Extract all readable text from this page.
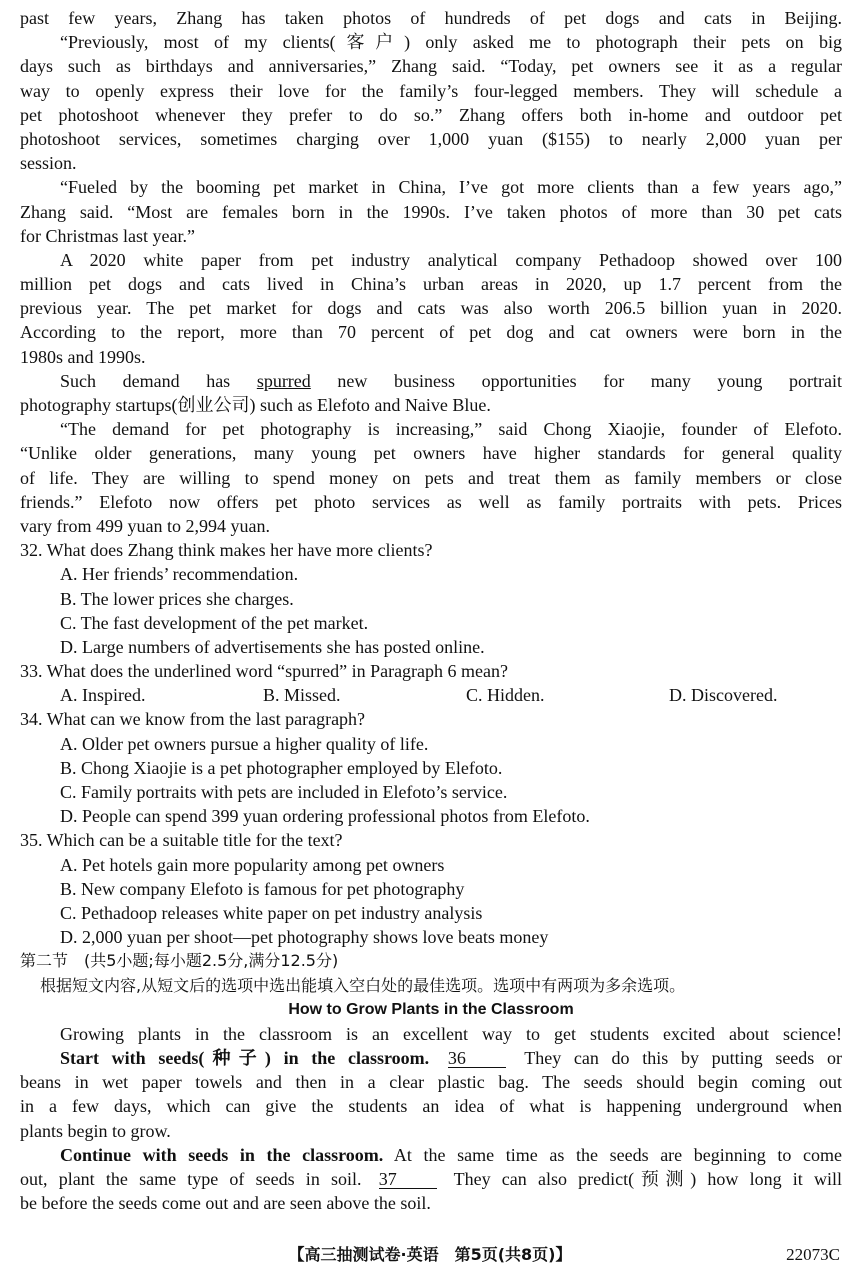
past few years, Zhang has taken photos of hundreds of pet dogs and cats in Beijing.
“Previously, most of my clients(客户) only asked me to photograph their pets on big
days such as birthdays and anniversaries,” Zhang said. “Today, pet owners see it as a regular
way to openly express their love for the family’s four-legged members. They will schedule a
pet photoshoot whenever they prefer to do so.” Zhang offers both in-home and outdoor pet
photoshoot services, sometimes charging over 1,000 yuan ($155) to nearly 2,000 yuan per
session.
“Fueled by the booming pet market in China, I’ve got more clients than a few years ago,”
Zhang said. “Most are females born in the 1990s. I’ve taken photos of more than 30 pet cats
for Christmas last year.”
A 2020 white paper from pet industry analytical company Pethadoop showed over 100
million pet dogs and cats lived in China’s urban areas in 2020, up 1.7 percent from the
previous year. The pet market for dogs and cats was also worth 206.5 billion yuan in 2020.
According to the report, more than 70 percent of pet dog and cat owners were born in the
1980s and 1990s.
Such demand has spurred new business opportunities for many young portrait
photography startups(创业公司) such as Elefoto and Naive Blue.
“The demand for pet photography is increasing,” said Chong Xiaojie, founder of Elefoto.
“Unlike older generations, many young pet owners have higher standards for general quality
of life. They are willing to spend money on pets and treat them as family members or close
friends.” Elefoto now offers pet photo services as well as family portraits with pets. Prices
vary from 499 yuan to 2,994 yuan.
32. What does Zhang think makes her have more clients?
A. Her friends’ recommendation.
B. The lower prices she charges.
C. The fast development of the pet market.
D. Large numbers of advertisements she has posted online.
33. What does the underlined word “spurred” in Paragraph 6 mean?
A. Inspired.	B. Missed.	C. Hidden.	D. Discovered.
34. What can we know from the last paragraph?
A. Older pet owners pursue a higher quality of life.
B. Chong Xiaojie is a pet photographer employed by Elefoto.
C. Family portraits with pets are included in Elefoto’s service.
D. People can spend 399 yuan ordering professional photos from Elefoto.
35. Which can be a suitable title for the text?
A. Pet hotels gain more popularity among pet owners
B. New company Elefoto is famous for pet photography
C. Pethadoop releases white paper on pet industry analysis
D. 2,000 yuan per shoot—pet photography shows love beats money
第二节　(共5小题;每小题2.5分,满分12.5分)
根据短文内容,从短文后的选项中选出能填入空白处的最佳选项。选项中有两项为多余选项。
How to Grow Plants in the Classroom
Growing plants in the classroom is an excellent way to get students excited about science!
Start with seeds(种子) in the classroom. 36	They can do this by putting seeds or
beans in wet paper towels and then in a clear plastic bag. The seeds should begin coming out
in a few days, which can give the students an idea of what is happening underground when
plants begin to grow.
Continue with seeds in the classroom. At the same time as the seeds are beginning to come
out, plant the same type of seeds in soil. 37	They can also predict(预测) how long it will
be before the seeds come out and are seen above the soil.
【高三抽测试卷·英语　第5页(共8页)】	22073C
